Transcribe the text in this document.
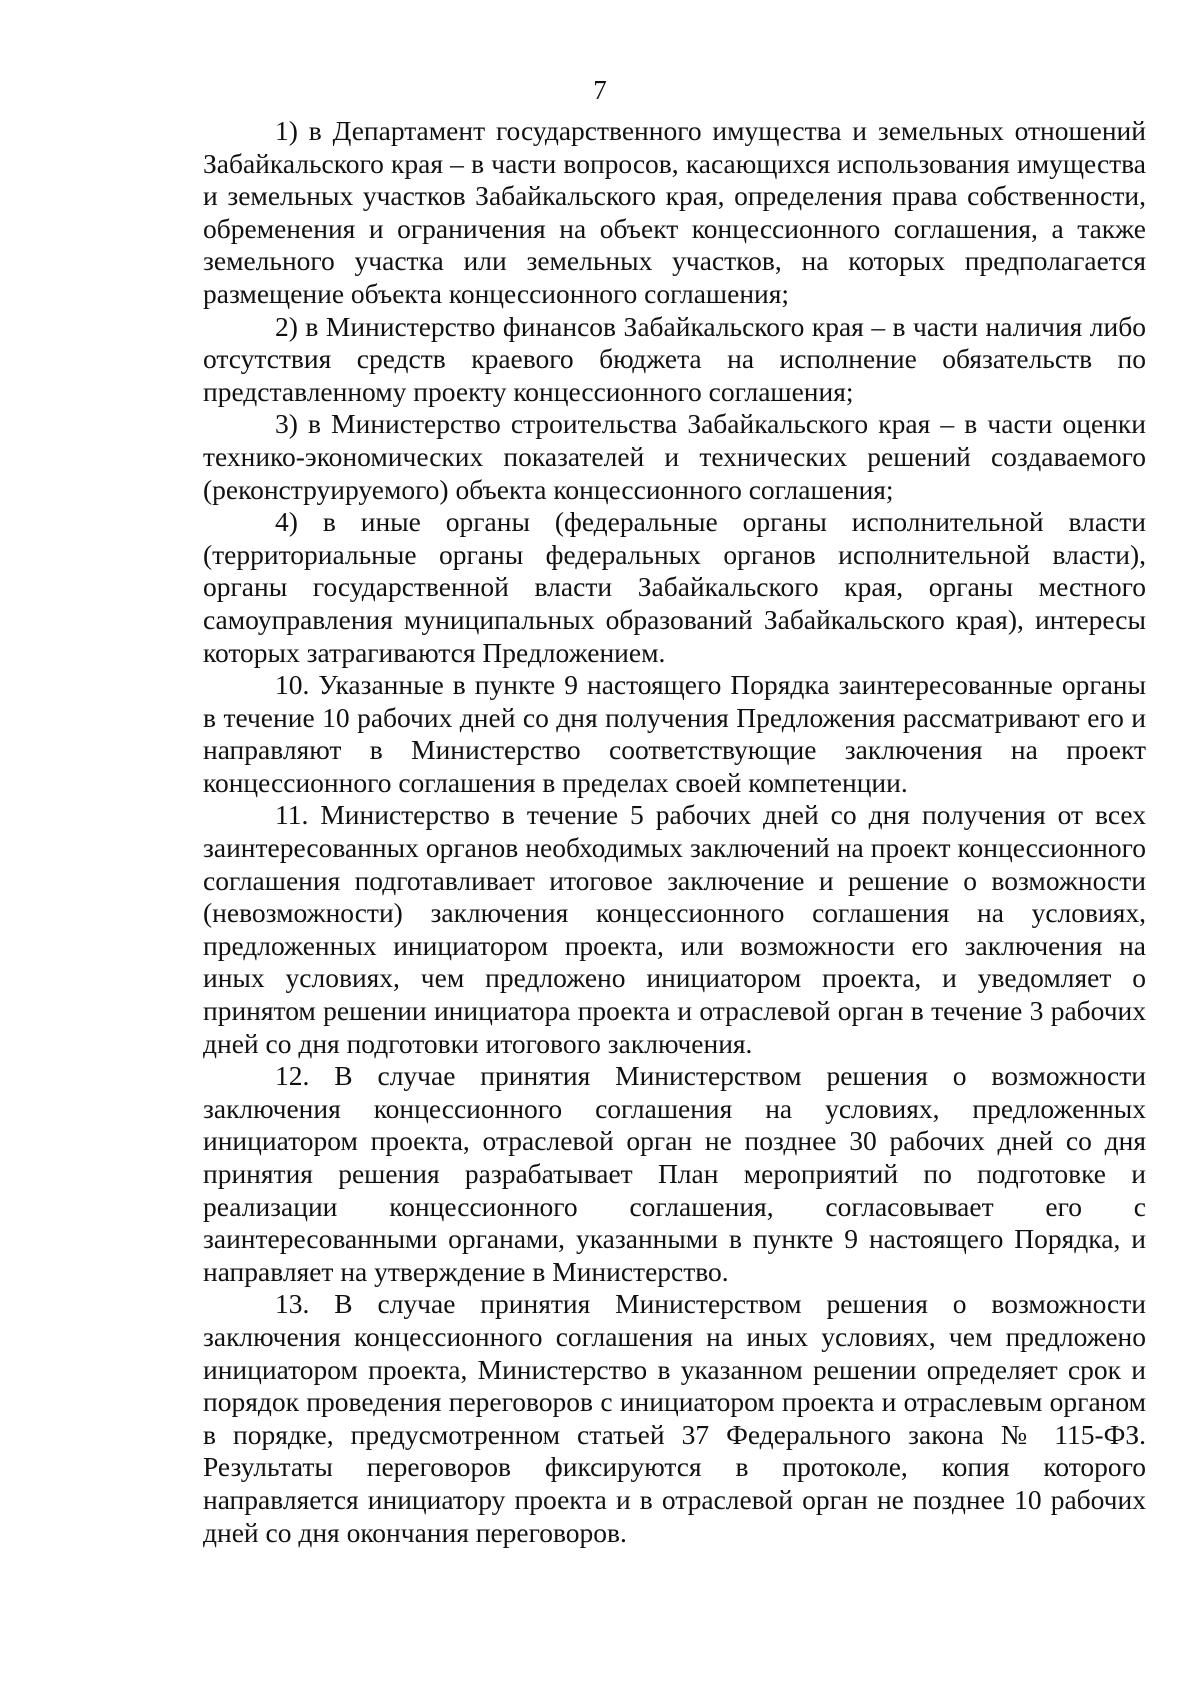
7

1) в Департамент государственного имущества и земельных отношений Забайкальского края – в части вопросов, касающихся использования имущества и земельных участков Забайкальского края, определения права собственности, обременения и ограничения на объект концессионного соглашения, а также земельного участка или земельных участков, на которых предполагается размещение объекта концессионного соглашения;

2) в Министерство финансов Забайкальского края – в части наличия либо отсутствия средств краевого бюджета на исполнение обязательств по представленному проекту концессионного соглашения;

3) в Министерство строительства Забайкальского края – в части оценки технико-экономических показателей и технических решений создаваемого (реконструируемого) объекта концессионного соглашения;

4) в иные органы (федеральные органы исполнительной власти (территориальные органы федеральных органов исполнительной власти), органы государственной власти Забайкальского края, органы местного самоуправления муниципальных образований Забайкальского края), интересы которых затрагиваются Предложением.

10. Указанные в пункте 9 настоящего Порядка заинтересованные органы в течение 10 рабочих дней со дня получения Предложения рассматривают его и направляют в Министерство соответствующие заключения на проект концессионного соглашения в пределах своей компетенции.

11. Министерство в течение 5 рабочих дней со дня получения от всех заинтересованных органов необходимых заключений на проект концессионного соглашения подготавливает итоговое заключение и решение о возможности (невозможности) заключения концессионного соглашения на условиях, предложенных инициатором проекта, или возможности его заключения на иных условиях, чем предложено инициатором проекта, и уведомляет о принятом решении инициатора проекта и отраслевой орган в течение 3 рабочих дней со дня подготовки итогового заключения.

12. В случае принятия Министерством решения о возможности заключения концессионного соглашения на условиях, предложенных инициатором проекта, отраслевой орган не позднее 30 рабочих дней со дня принятия решения разрабатывает План мероприятий по подготовке и реализации концессионного соглашения, согласовывает его с заинтересованными органами, указанными в пункте 9 настоящего Порядка, и направляет на утверждение в Министерство.

13. В случае принятия Министерством решения о возможности заключения концессионного соглашения на иных условиях, чем предложено инициатором проекта, Министерство в указанном решении определяет срок и порядок проведения переговоров с инициатором проекта и отраслевым органом в порядке, предусмотренном статьей 37 Федерального закона № 115-ФЗ. Результаты переговоров фиксируются в протоколе, копия которого направляется инициатору проекта и в отраслевой орган не позднее 10 рабочих дней со дня окончания переговоров.
